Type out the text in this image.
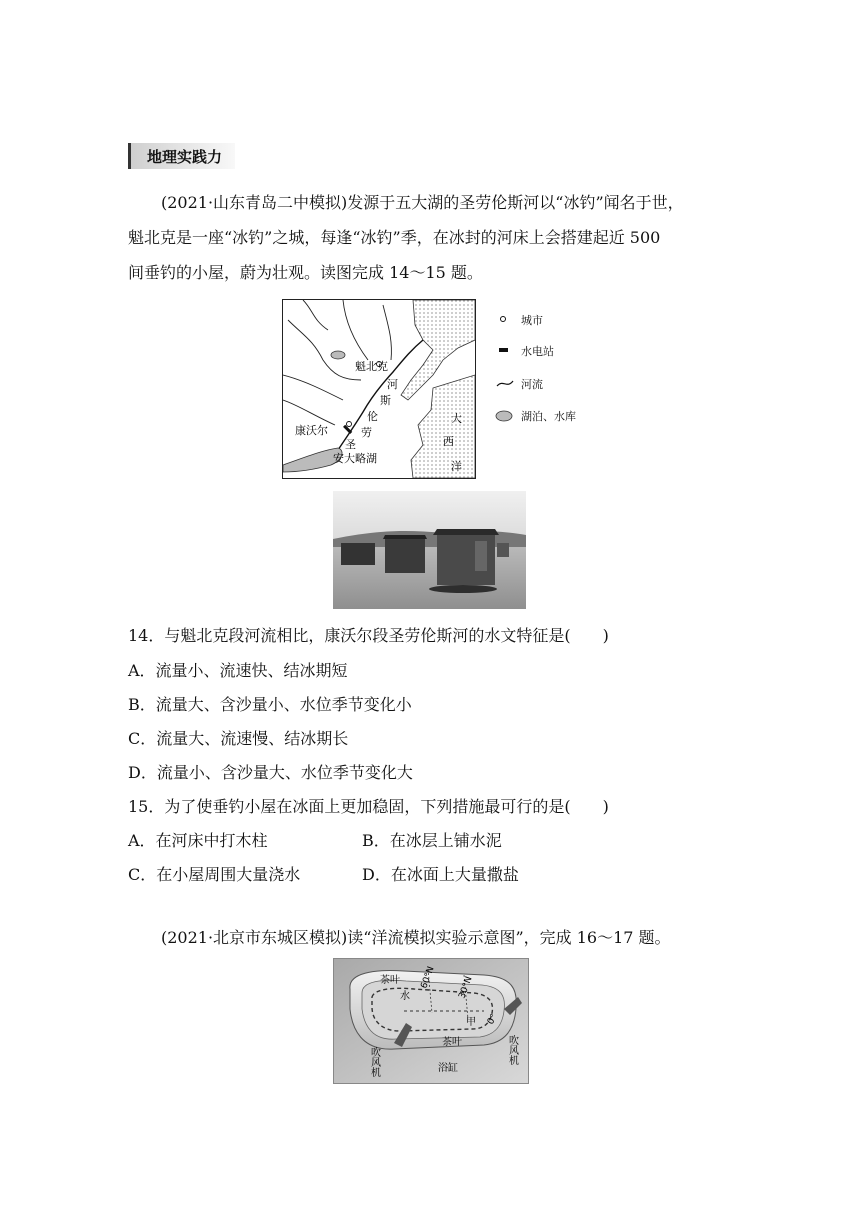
地理实践力
(2021·山东青岛二中模拟)发源于五大湖的圣劳伦斯河以“冰钓”闻名于世，
魁北克是一座“冰钓”之城，每逢“冰钓”季，在冰封的河床上会搭建起近 500
间垂钓的小屋，蔚为壮观。读图完成 14～15 题。
魁北克
河
斯
伦
劳
康沃尔
圣
安大略湖
大
西
洋
城市
水电站
河流
湖泊、水库
14．与魁北克段河流相比，康沃尔段圣劳伦斯河的水文特征是(　　)
A．流量小、流速快、结冰期短
B．流量大、含沙量小、水位季节变化小
C．流量大、流速慢、结冰期长
D．流量小、含沙量大、水位季节变化大
15．为了使垂钓小屋在冰面上更加稳固，下列措施最可行的是(　　)
A．在河床中打木柱	B．在冰层上铺水泥
C．在小屋周围大量浇水	D．在冰面上大量撒盐
(2021·北京市东城区模拟)读“洋流模拟实验示意图”，完成 16～17 题。
茶叶
水
60°N 30°N
甲 0°
茶叶
浴缸
吹风机	吹风机
